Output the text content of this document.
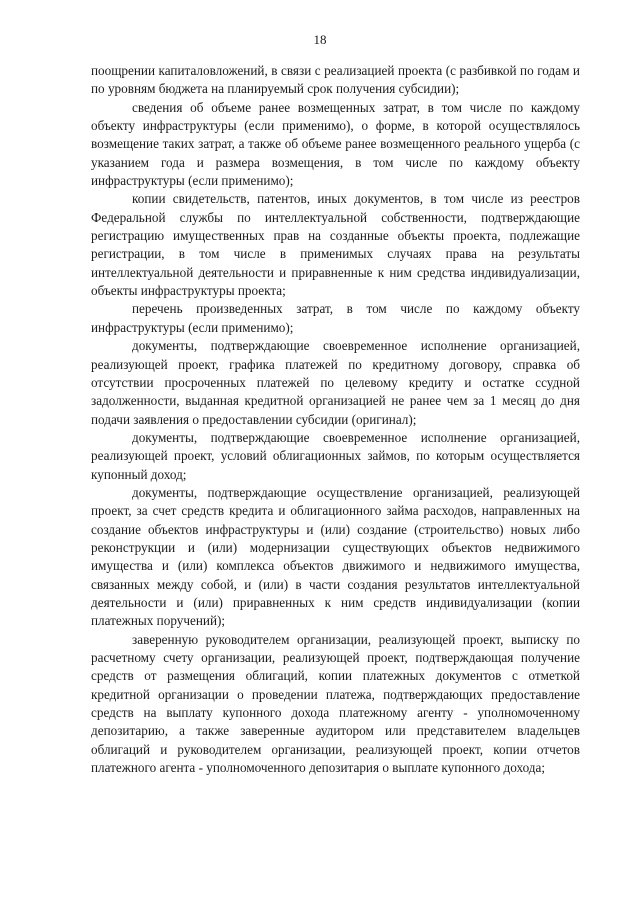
18

поощрении капиталовложений, в связи с реализацией проекта (с разбивкой по годам и по уровням бюджета на планируемый срок получения субсидии);

сведения об объеме ранее возмещенных затрат, в том числе по каждому объекту инфраструктуры (если применимо), о форме, в которой осуществлялось возмещение таких затрат, а также об объеме ранее возмещенного реального ущерба (с указанием года и размера возмещения, в том числе по каждому объекту инфраструктуры (если применимо);

копии свидетельств, патентов, иных документов, в том числе из реестров Федеральной службы по интеллектуальной собственности, подтверждающие регистрацию имущественных прав на созданные объекты проекта, подлежащие регистрации, в том числе в применимых случаях права на результаты интеллектуальной деятельности и приравненные к ним средства индивидуализации, объекты инфраструктуры проекта;

перечень произведенных затрат, в том числе по каждому объекту инфраструктуры (если применимо);

документы, подтверждающие своевременное исполнение организацией, реализующей проект, графика платежей по кредитному договору, справка об отсутствии просроченных платежей по целевому кредиту и остатке ссудной задолженности, выданная кредитной организацией не ранее чем за 1 месяц до дня подачи заявления о предоставлении субсидии (оригинал);

документы, подтверждающие своевременное исполнение организацией, реализующей проект, условий облигационных займов, по которым осуществляется купонный доход;

документы, подтверждающие осуществление организацией, реализующей проект, за счет средств кредита и облигационного займа расходов, направленных на создание объектов инфраструктуры и (или) создание (строительство) новых либо реконструкции и (или) модернизации существующих объектов недвижимого имущества и (или) комплекса объектов движимого и недвижимого имущества, связанных между собой, и (или) в части создания результатов интеллектуальной деятельности и (или) приравненных к ним средств индивидуализации (копии платежных поручений);

заверенную руководителем организации, реализующей проект, выписку по расчетному счету организации, реализующей проект, подтверждающая получение средств от размещения облигаций, копии платежных документов с отметкой кредитной организации о проведении платежа, подтверждающих предоставление средств на выплату купонного дохода платежному агенту - уполномоченному депозитарию, а также заверенные аудитором или представителем владельцев облигаций и руководителем организации, реализующей проект, копии отчетов платежного агента - уполномоченного депозитария о выплате купонного дохода;
